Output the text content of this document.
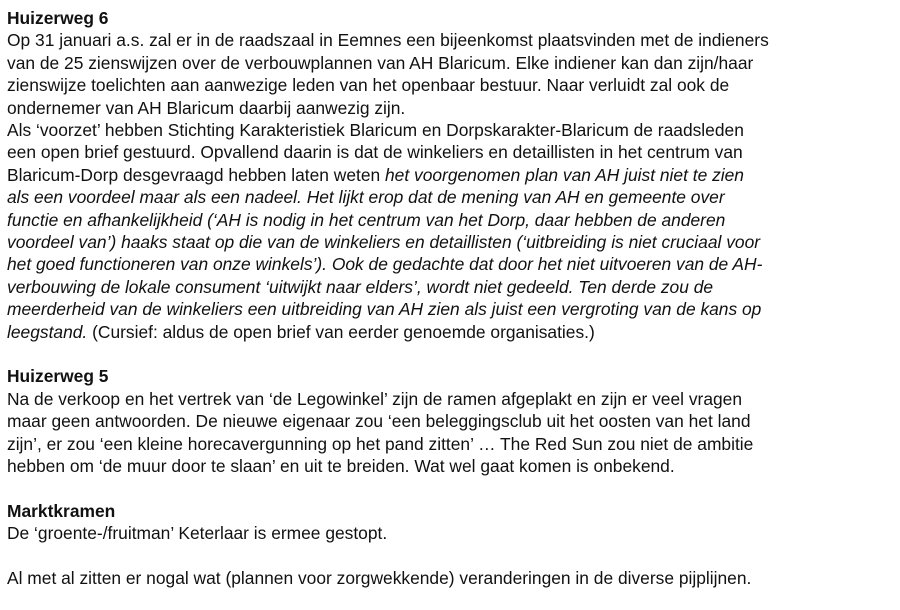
Huizerweg 6
Op 31 januari a.s. zal er in de raadszaal in Eemnes een bijeenkomst plaatsvinden met de indieners
van de 25 zienswijzen over de verbouwplannen van AH Blaricum. Elke indiener kan dan zijn/haar
zienswijze toelichten aan aanwezige leden van het openbaar bestuur. Naar verluidt zal ook de
ondernemer van AH Blaricum daarbij aanwezig zijn.
Als ‘voorzet’ hebben Stichting Karakteristiek Blaricum en Dorpskarakter-Blaricum de raadsleden
een open brief gestuurd. Opvallend daarin is dat de winkeliers en detaillisten in het centrum van
Blaricum-Dorp desgevraagd hebben laten weten het voorgenomen plan van AH juist niet te zien
als een voordeel maar als een nadeel. Het lijkt erop dat de mening van AH en gemeente over
functie en afhankelijkheid (‘AH is nodig in het centrum van het Dorp, daar hebben de anderen
voordeel van’) haaks staat op die van de winkeliers en detaillisten (‘uitbreiding is niet cruciaal voor
het goed functioneren van onze winkels’). Ook de gedachte dat door het niet uitvoeren van de AH-
verbouwing de lokale consument ‘uitwijkt naar elders’, wordt niet gedeeld. Ten derde zou de
meerderheid van de winkeliers een uitbreiding van AH zien als juist een vergroting van de kans op
leegstand. (Cursief: aldus de open brief van eerder genoemde organisaties.)
Huizerweg 5
Na de verkoop en het vertrek van ‘de Legowinkel’ zijn de ramen afgeplakt en zijn er veel vragen
maar geen antwoorden. De nieuwe eigenaar zou ‘een beleggingsclub uit het oosten van het land
zijn’, er zou ‘een kleine horecavergunning op het pand zitten’ … The Red Sun zou niet de ambitie
hebben om ‘de muur door te slaan’ en uit te breiden. Wat wel gaat komen is onbekend.
Marktkramen
De ‘groente-/fruitman’ Keterlaar is ermee gestopt.
Al met al zitten er nogal wat (plannen voor zorgwekkende) veranderingen in de diverse pijplijnen.
